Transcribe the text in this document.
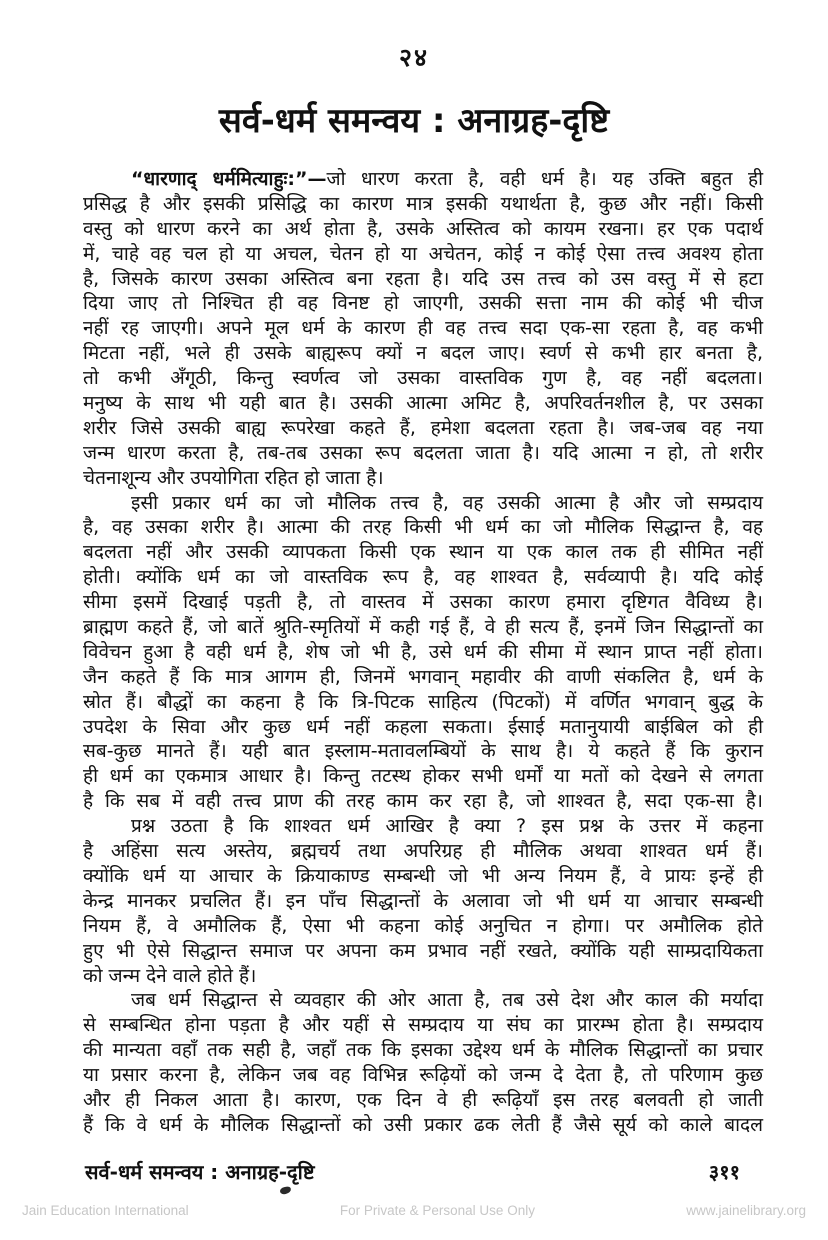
२४
सर्व-धर्म समन्वय : अनाग्रह-दृष्टि
“धारणाद् धर्ममित्याहुः:”—जो धारण करता है, वही धर्म है। यह उक्ति बहुत ही
प्रसिद्ध है और इसकी प्रसिद्धि का कारण मात्र इसकी यथार्थता है, कुछ और नहीं। किसी
वस्तु को धारण करने का अर्थ होता है, उसके अस्तित्व को कायम रखना। हर एक पदार्थ
में, चाहे वह चल हो या अचल, चेतन हो या अचेतन, कोई न कोई ऐसा तत्त्व अवश्य होता
है, जिसके कारण उसका अस्तित्व बना रहता है। यदि उस तत्त्व को उस वस्तु में से हटा
दिया जाए तो निश्चित ही वह विनष्ट हो जाएगी, उसकी सत्ता नाम की कोई भी चीज
नहीं रह जाएगी। अपने मूल धर्म के कारण ही वह तत्त्व सदा एक-सा रहता है, वह कभी
मिटता नहीं, भले ही उसके बाह्यरूप क्यों न बदल जाए। स्वर्ण से कभी हार बनता है,
तो कभी अँगूठी, किन्तु स्वर्णत्व जो उसका वास्तविक गुण है, वह नहीं बदलता।
मनुष्य के साथ भी यही बात है। उसकी आत्मा अमिट है, अपरिवर्तनशील है, पर उसका
शरीर जिसे उसकी बाह्य रूपरेखा कहते हैं, हमेशा बदलता रहता है। जब-जब वह नया
जन्म धारण करता है, तब-तब उसका रूप बदलता जाता है। यदि आत्मा न हो, तो शरीर
चेतनाशून्य और उपयोगिता रहित हो जाता है।
इसी प्रकार धर्म का जो मौलिक तत्त्व है, वह उसकी आत्मा है और जो सम्प्रदाय
है, वह उसका शरीर है। आत्मा की तरह किसी भी धर्म का जो मौलिक सिद्धान्त है, वह
बदलता नहीं और उसकी व्यापकता किसी एक स्थान या एक काल तक ही सीमित नहीं
होती। क्योंकि धर्म का जो वास्तविक रूप है, वह शाश्वत है, सर्वव्यापी है। यदि कोई
सीमा इसमें दिखाई पड़ती है, तो वास्तव में उसका कारण हमारा दृष्टिगत वैविध्य है।
ब्राह्मण कहते हैं, जो बातें श्रुति-स्मृतियों में कही गई हैं, वे ही सत्य हैं, इनमें जिन सिद्धान्तों का
विवेचन हुआ है वही धर्म है, शेष जो भी है, उसे धर्म की सीमा में स्थान प्राप्त नहीं होता।
जैन कहते हैं कि मात्र आगम ही, जिनमें भगवान् महावीर की वाणी संकलित है, धर्म के
स्रोत हैं। बौद्धों का कहना है कि त्रि-पिटक साहित्य (पिटकों) में वर्णित भगवान् बुद्ध के
उपदेश के सिवा और कुछ धर्म नहीं कहला सकता। ईसाई मतानुयायी बाईबिल को ही
सब-कुछ मानते हैं। यही बात इस्लाम-मतावलम्बियों के साथ है। ये कहते हैं कि कुरान
ही धर्म का एकमात्र आधार है। किन्तु तटस्थ होकर सभी धर्मों या मतों को देखने से लगता
है कि सब में वही तत्त्व प्राण की तरह काम कर रहा है, जो शाश्वत है, सदा एक-सा है।
प्रश्न उठता है कि शाश्वत धर्म आखिर है क्या ? इस प्रश्न के उत्तर में कहना
है अहिंसा सत्य अस्तेय, ब्रह्मचर्य तथा अपरिग्रह ही मौलिक अथवा शाश्वत धर्म हैं।
क्योंकि धर्म या आचार के क्रियाकाण्ड सम्बन्धी जो भी अन्य नियम हैं, वे प्रायः इन्हें ही
केन्द्र मानकर प्रचलित हैं। इन पाँच सिद्धान्तों के अलावा जो भी धर्म या आचार सम्बन्धी
नियम हैं, वे अमौलिक हैं, ऐसा भी कहना कोई अनुचित न होगा। पर अमौलिक होते
हुए भी ऐसे सिद्धान्त समाज पर अपना कम प्रभाव नहीं रखते, क्योंकि यही साम्प्रदायिकता
को जन्म देने वाले होते हैं।
जब धर्म सिद्धान्त से व्यवहार की ओर आता है, तब उसे देश और काल की मर्यादा
से सम्बन्धित होना पड़ता है और यहीं से सम्प्रदाय या संघ का प्रारम्भ होता है। सम्प्रदाय
की मान्यता वहाँ तक सही है, जहाँ तक कि इसका उद्देश्य धर्म के मौलिक सिद्धान्तों का प्रचार
या प्रसार करना है, लेकिन जब वह विभिन्न रूढ़ियों को जन्म दे देता है, तो परिणाम कुछ
और ही निकल आता है। कारण, एक दिन वे ही रूढ़ियाँ इस तरह बलवती हो जाती
हैं कि वे धर्म के मौलिक सिद्धान्तों को उसी प्रकार ढक लेती हैं जैसे सूर्य को काले बादल
सर्व-धर्म समन्वय : अनाग्रह-दृष्टि	३११
Jain Education International	For Private & Personal Use Only	www.jainelibrary.org
